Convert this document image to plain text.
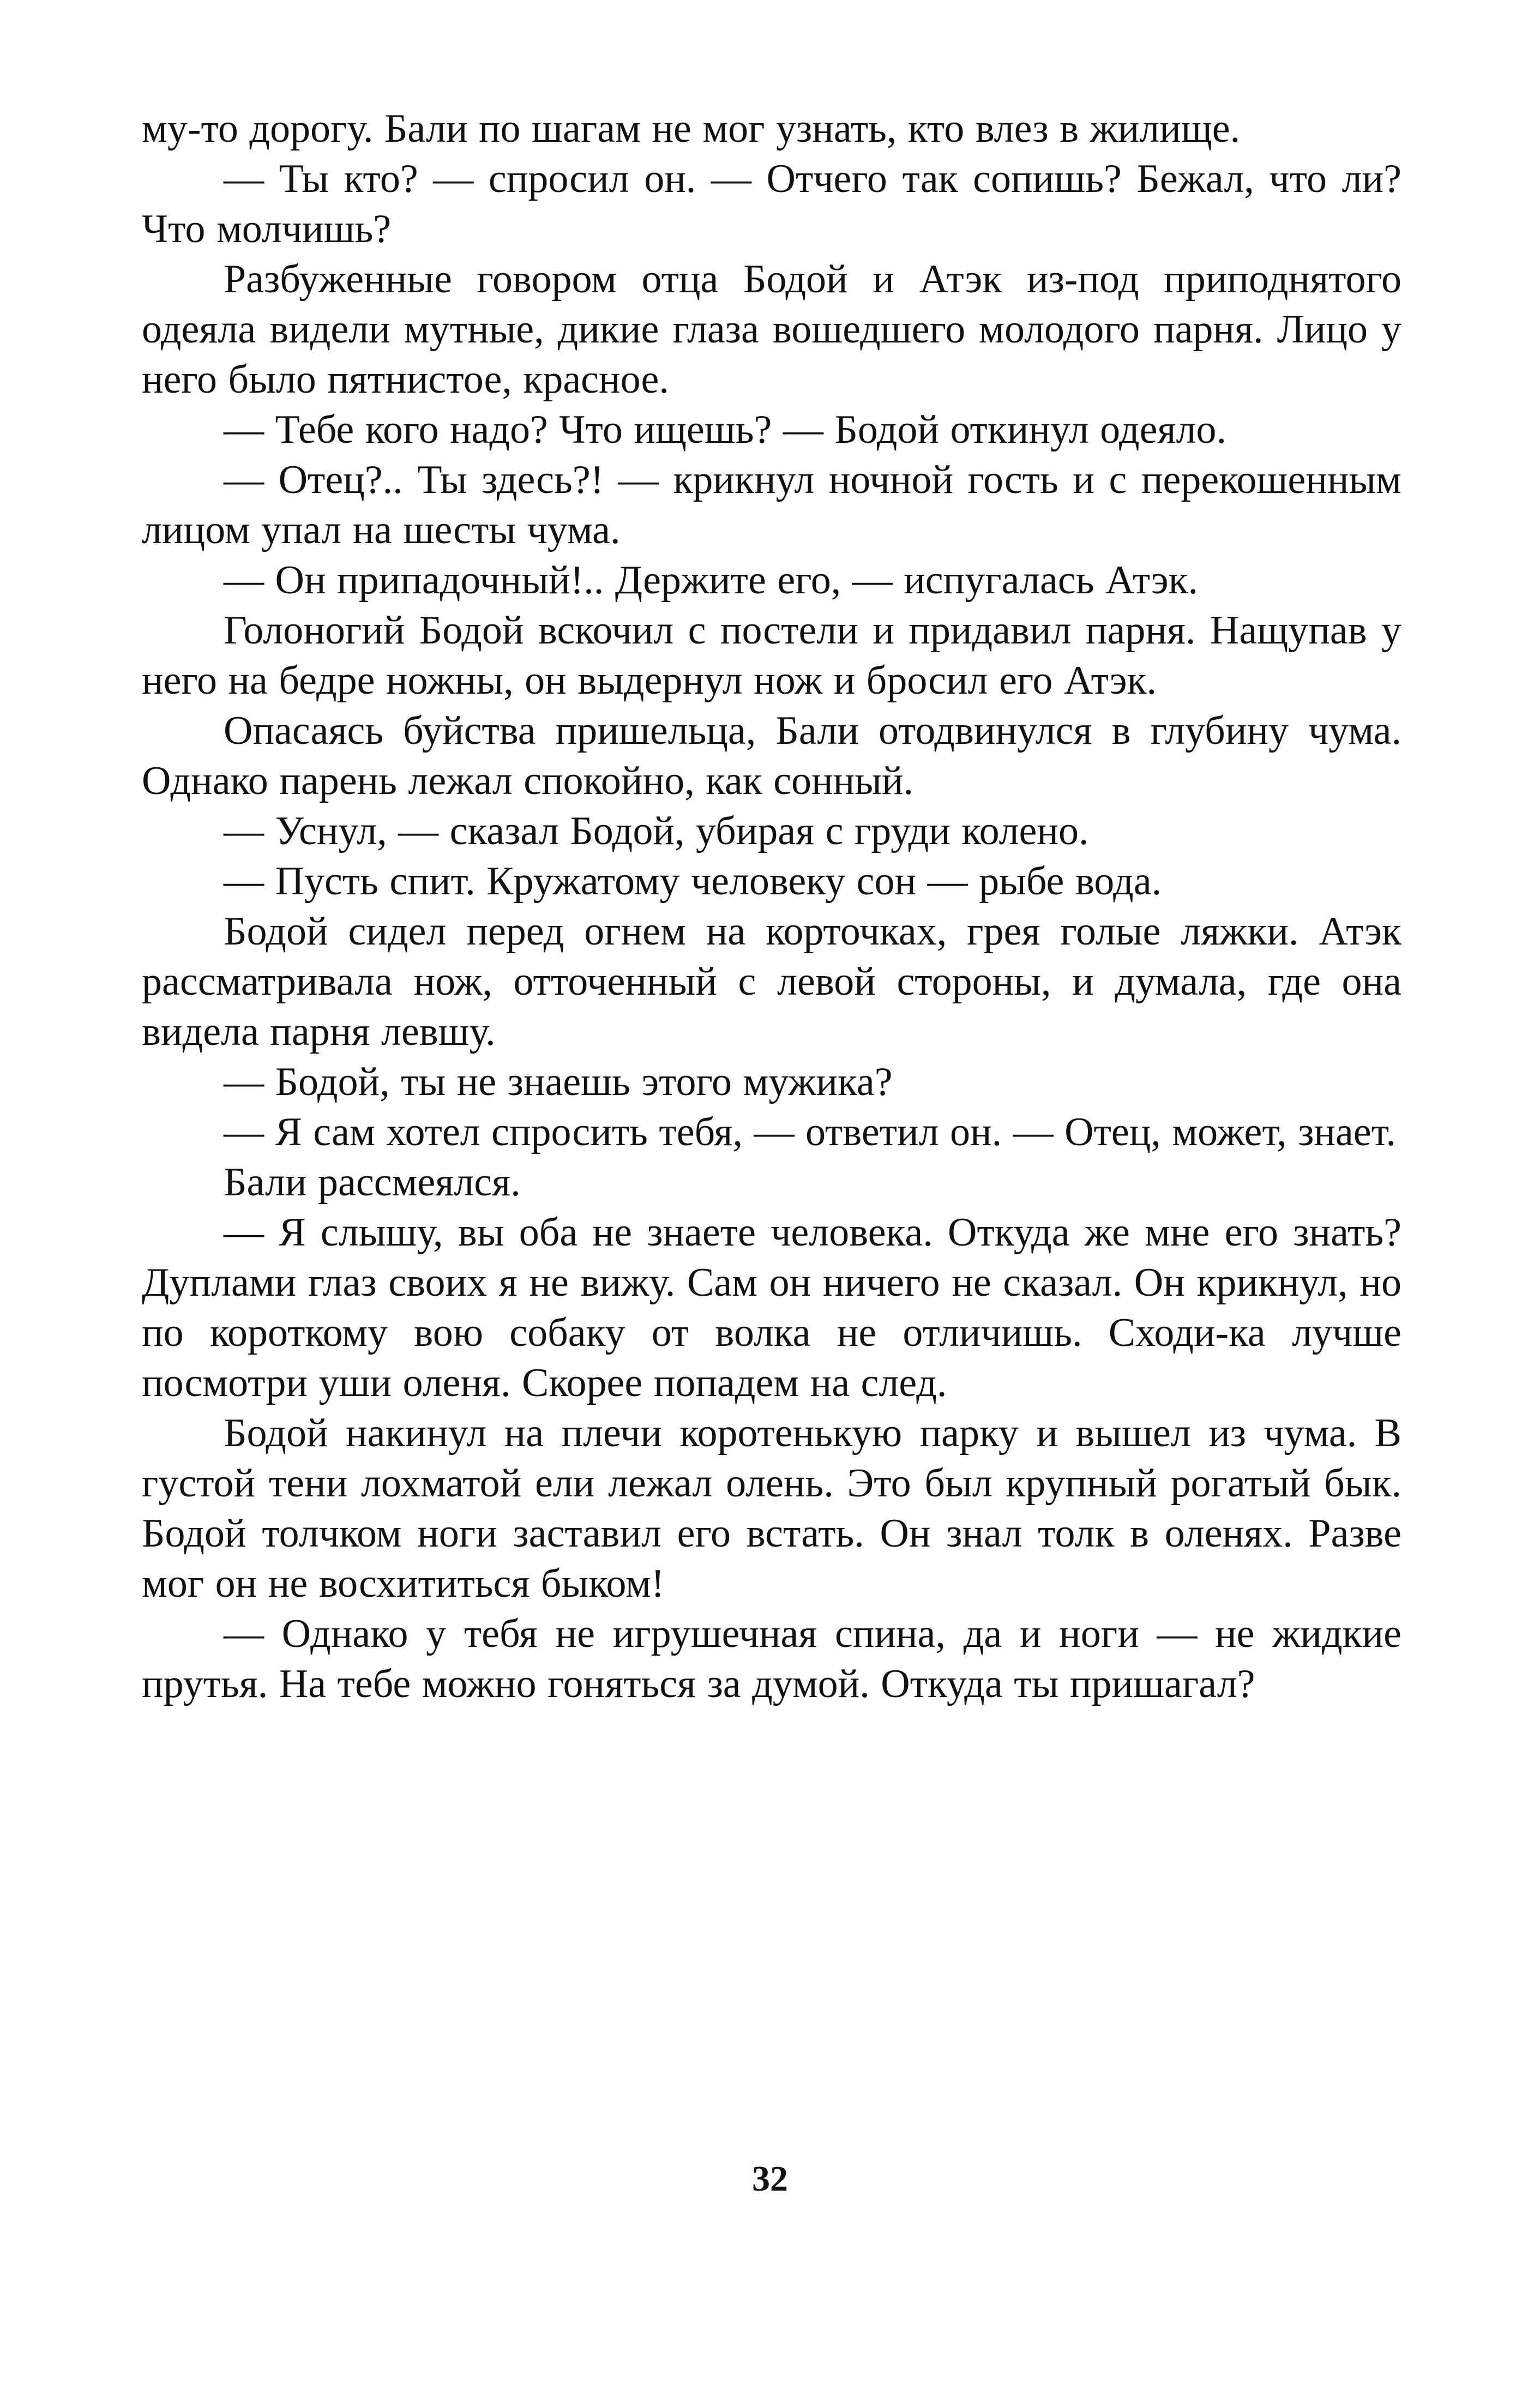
му-то дорогу. Бали по шагам не мог узнать, кто влез в жилище.

— Ты кто? — спросил он. — Отчего так сопишь? Бежал, что ли? Что молчишь?

Разбуженные говором отца Бодой и Атэк из-под приподнятого одеяла видели мутные, дикие глаза вошедшего молодого парня. Лицо у него было пятнистое, красное.

— Тебе кого надо? Что ищешь? — Бодой откинул одеяло.

— Отец?.. Ты здесь?! — крикнул ночной гость и с перекошенным лицом упал на шесты чума.

— Он припадочный!.. Держите его, — испугалась Атэк.

Голоногий Бодой вскочил с постели и придавил парня. Нащупав у него на бедре ножны, он выдернул нож и бросил его Атэк.

Опасаясь буйства пришельца, Бали отодвинулся в глубину чума. Однако парень лежал спокойно, как сонный.

— Уснул, — сказал Бодой, убирая с груди колено.

— Пусть спит. Кружатому человеку сон — рыбе вода.

Бодой сидел перед огнем на корточках, грея голые ляжки. Атэк рассматривала нож, отточенный с левой стороны, и думала, где она видела парня левшу.

— Бодой, ты не знаешь этого мужика?

— Я сам хотел спросить тебя, — ответил он. — Отец, может, знает.

Бали рассмеялся.

— Я слышу, вы оба не знаете человека. Откуда же мне его знать? Дуплами глаз своих я не вижу. Сам он ничего не сказал. Он крикнул, но по короткому вою собаку от волка не отличишь. Сходи-ка лучше посмотри уши оленя. Скорее попадем на след.

Бодой накинул на плечи коротенькую парку и вышел из чума. В густой тени лохматой ели лежал олень. Это был крупный рогатый бык. Бодой толчком ноги заставил его встать. Он знал толк в оленях. Разве мог он не восхититься быком!

— Однако у тебя не игрушечная спина, да и ноги — не жидкие прутья. На тебе можно гоняться за думой. Откуда ты пришагал?

32
